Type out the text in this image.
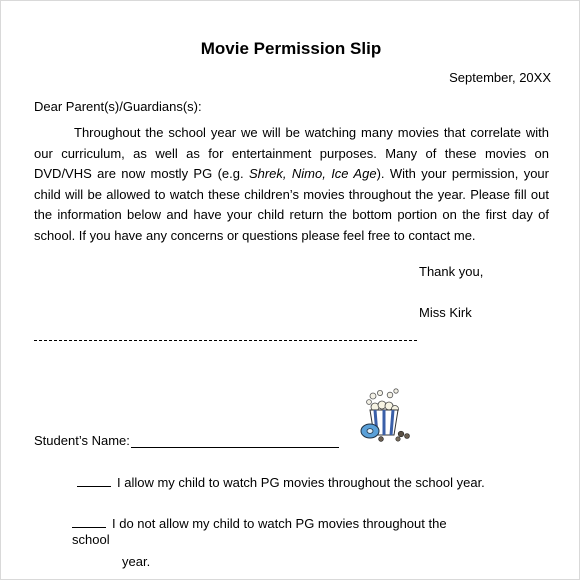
Movie Permission Slip
September, 20XX
Dear Parent(s)/Guardians(s):

Throughout the school year we will be watching many movies that correlate with our curriculum, as well as for entertainment purposes. Many of these movies on DVD/VHS are now mostly PG (e.g. Shrek, Nimo, Ice Age). With your permission, your child will be allowed to watch these children’s movies throughout the year. Please fill out the information below and have your child return the bottom portion on the first day of school. If you have any concerns or questions please feel free to contact me.

Thank you,
Miss Kirk
Student’s Name:
I allow my child to watch PG movies throughout the school year.
I do not allow my child to watch PG movies throughout the school
year.
